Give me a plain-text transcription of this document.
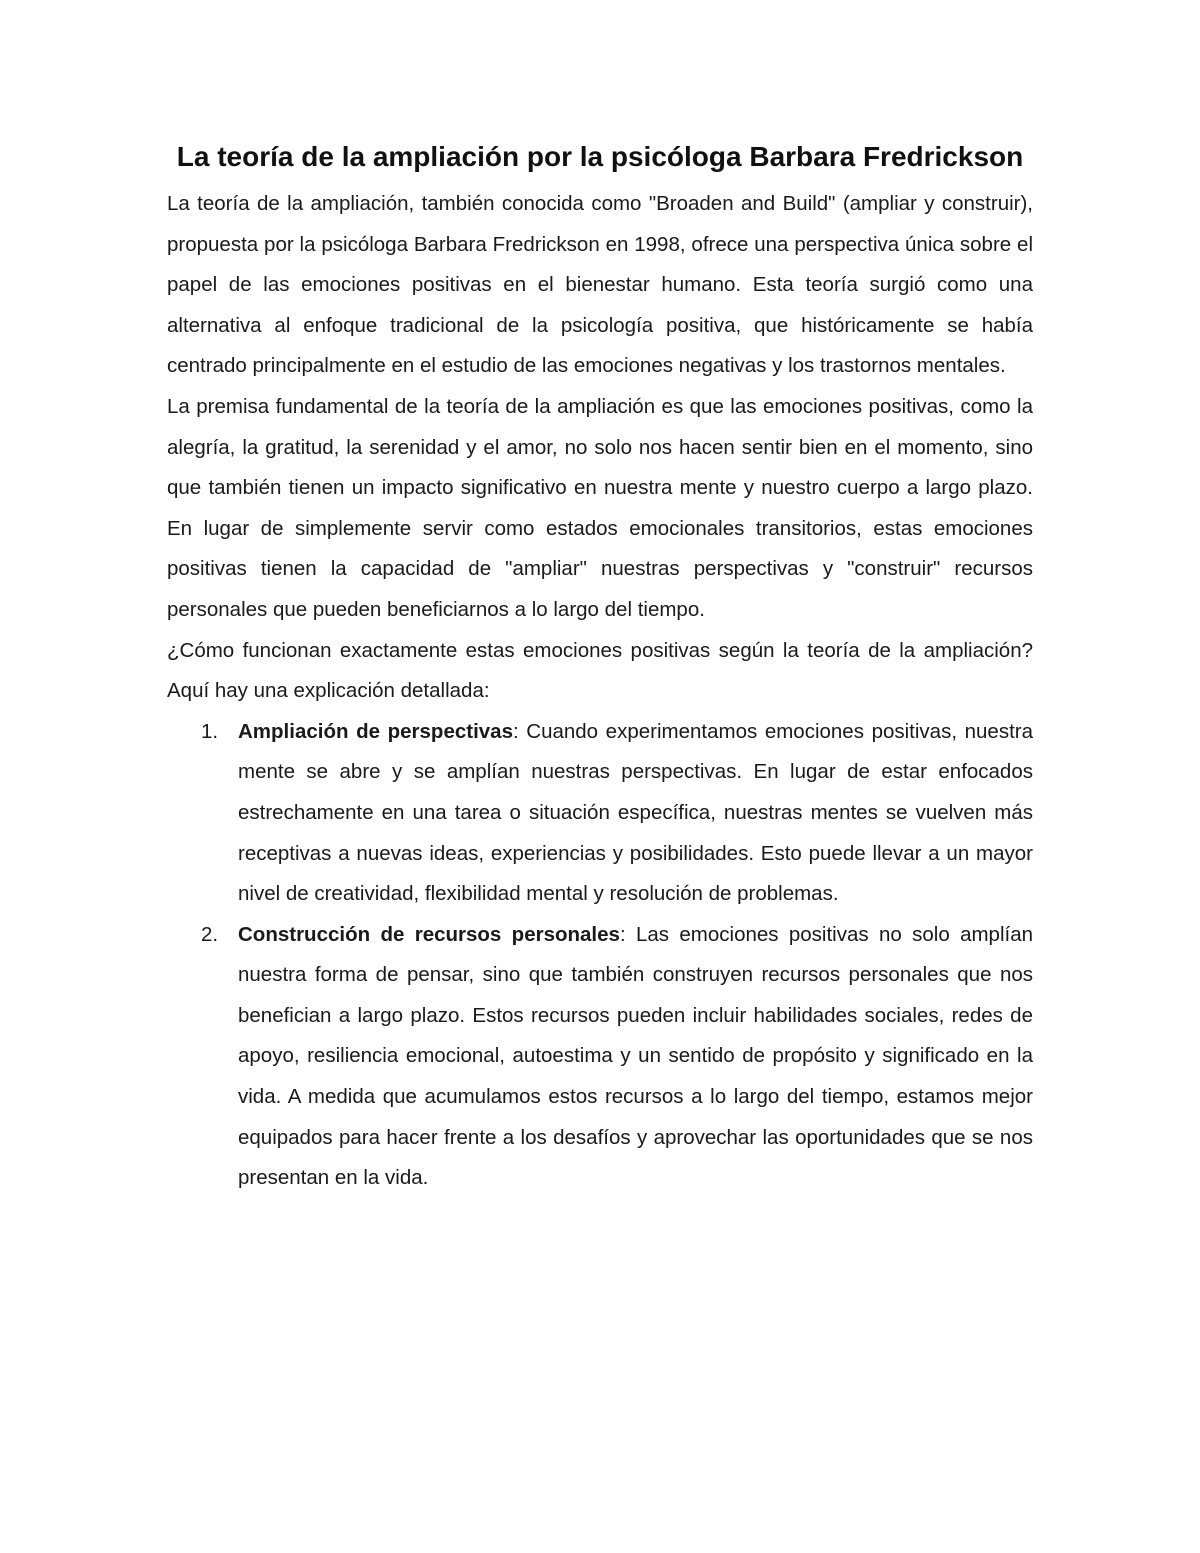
La teoría de la ampliación por la psicóloga Barbara Fredrickson

La teoría de la ampliación, también conocida como "Broaden and Build" (ampliar y construir), propuesta por la psicóloga Barbara Fredrickson en 1998, ofrece una perspectiva única sobre el papel de las emociones positivas en el bienestar humano. Esta teoría surgió como una alternativa al enfoque tradicional de la psicología positiva, que históricamente se había centrado principalmente en el estudio de las emociones negativas y los trastornos mentales.

La premisa fundamental de la teoría de la ampliación es que las emociones positivas, como la alegría, la gratitud, la serenidad y el amor, no solo nos hacen sentir bien en el momento, sino que también tienen un impacto significativo en nuestra mente y nuestro cuerpo a largo plazo. En lugar de simplemente servir como estados emocionales transitorios, estas emociones positivas tienen la capacidad de "ampliar" nuestras perspectivas y "construir" recursos personales que pueden beneficiarnos a lo largo del tiempo.

¿Cómo funcionan exactamente estas emociones positivas según la teoría de la ampliación? Aquí hay una explicación detallada:

1. Ampliación de perspectivas: Cuando experimentamos emociones positivas, nuestra mente se abre y se amplían nuestras perspectivas. En lugar de estar enfocados estrechamente en una tarea o situación específica, nuestras mentes se vuelven más receptivas a nuevas ideas, experiencias y posibilidades. Esto puede llevar a un mayor nivel de creatividad, flexibilidad mental y resolución de problemas.
2. Construcción de recursos personales: Las emociones positivas no solo amplían nuestra forma de pensar, sino que también construyen recursos personales que nos benefician a largo plazo. Estos recursos pueden incluir habilidades sociales, redes de apoyo, resiliencia emocional, autoestima y un sentido de propósito y significado en la vida. A medida que acumulamos estos recursos a lo largo del tiempo, estamos mejor equipados para hacer frente a los desafíos y aprovechar las oportunidades que se nos presentan en la vida.
